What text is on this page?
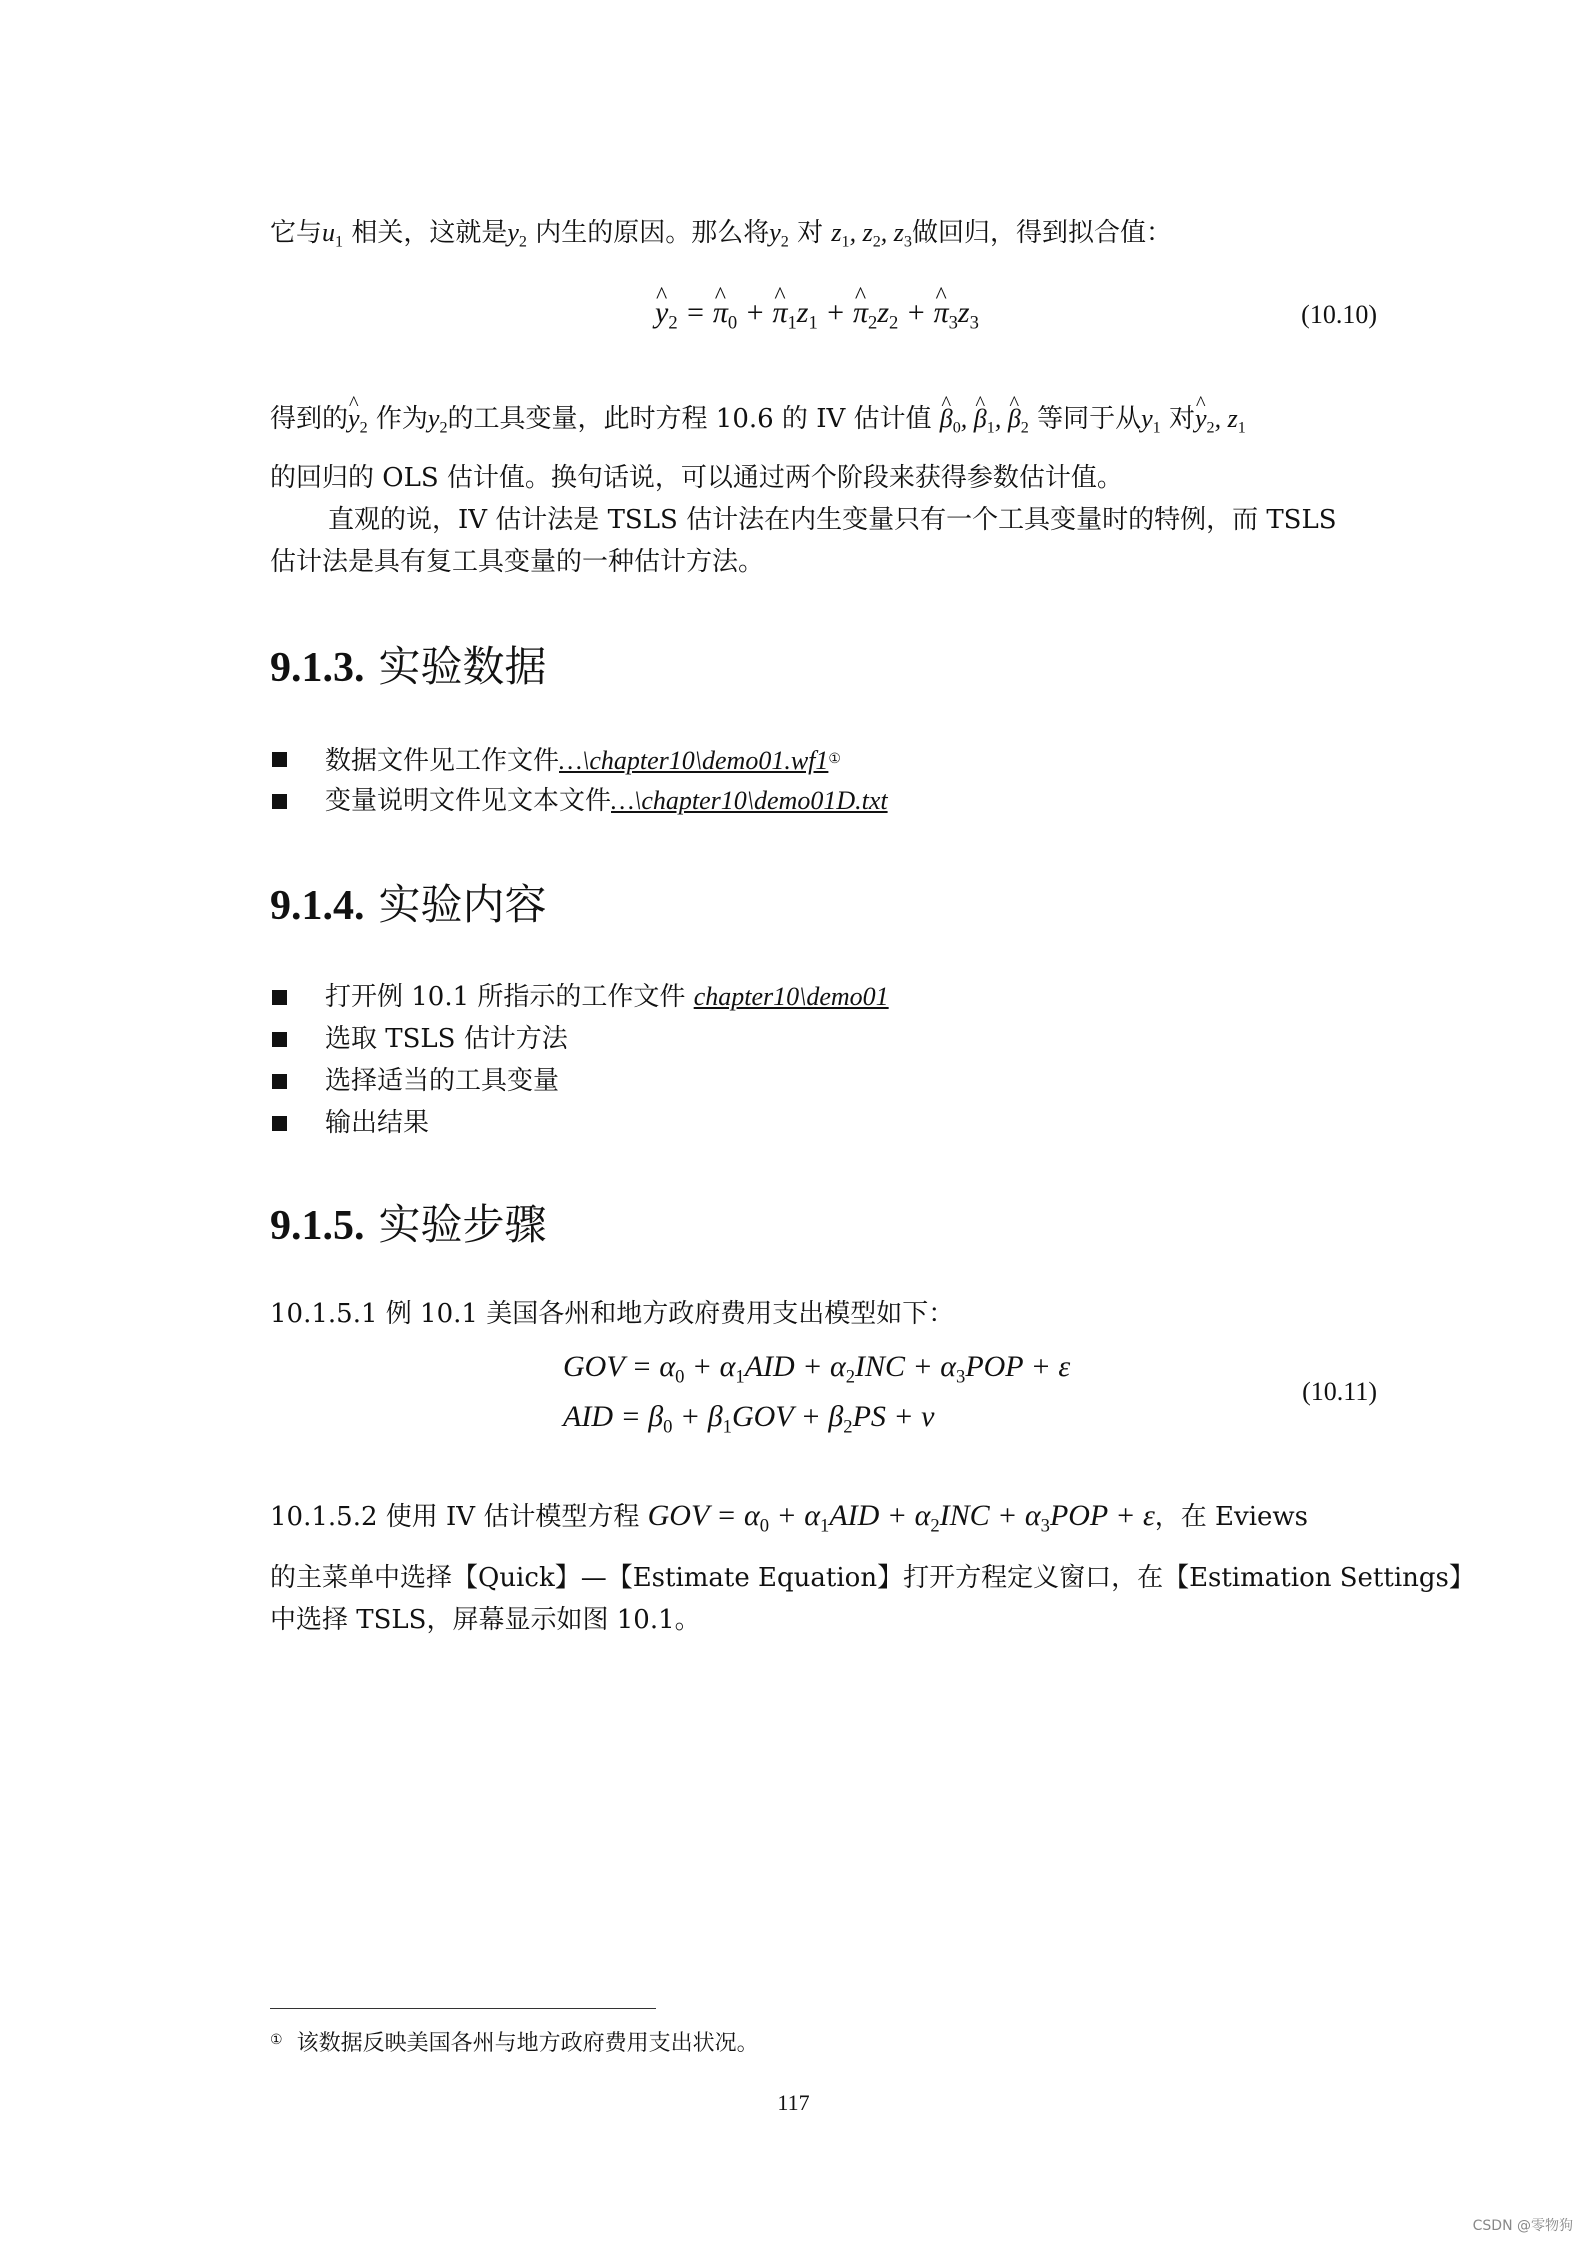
它与$u_1$ 相关，这就是$y_2$ 内生的原因。那么将$y_2$ 对 $z_1$, $z_2$, $z_3$做回归，得到拟合值：
^ $y_2$ = ^ $\pi_0$ + ^ $\pi_1z_1$ + ^ $\pi_2z_2$ + ^ $\pi_3z_3$	(10.10)
得到的^ $y_2$ 作为$y_2$的工具变量，此时方程 10.6 的 IV 估计值 ^ $\beta_0$, ^ $\beta_1$, ^ $\beta_2$ 等同于从$y_1$ 对^ $y_2$, $z_1$
的回归的 OLS 估计值。换句话说，可以通过两个阶段来获得参数估计值。
直观的说，IV 估计法是 TSLS 估计法在内生变量只有一个工具变量时的特例，而 TSLS
估计法是具有复工具变量的一种估计方法。
9.1.3. 实验数据
数据文件见工作文件…\chapter10\demo01.wf1①
变量说明文件见文本文件…\chapter10\demo01D.txt
9.1.4. 实验内容
打开例 10.1 所指示的工作文件 chapter10\demo01
选取 TSLS 估计方法
选择适当的工具变量
输出结果
9.1.5. 实验步骤
10.1.5.1 例 10.1 美国各州和地方政府费用支出模型如下：
GOV = $\alpha_0 + \alpha_1AID + \alpha_2INC + \alpha_3POP + \varepsilon$
AID = $\beta_0 + \beta_1GOV + \beta_2PS + v$
(10.11)
10.1.5.2 使用 IV 估计模型方程 GOV = $\alpha_0 + \alpha_1AID + \alpha_2INC + \alpha_3POP + \varepsilon$，在 Eviews
的主菜单中选择【Quick】—【Estimate Equation】打开方程定义窗口，在【Estimation Settings】
中选择 TSLS，屏幕显示如图 10.1。
① 该数据反映美国各州与地方政府费用支出状况。
117
CSDN @零物狗
